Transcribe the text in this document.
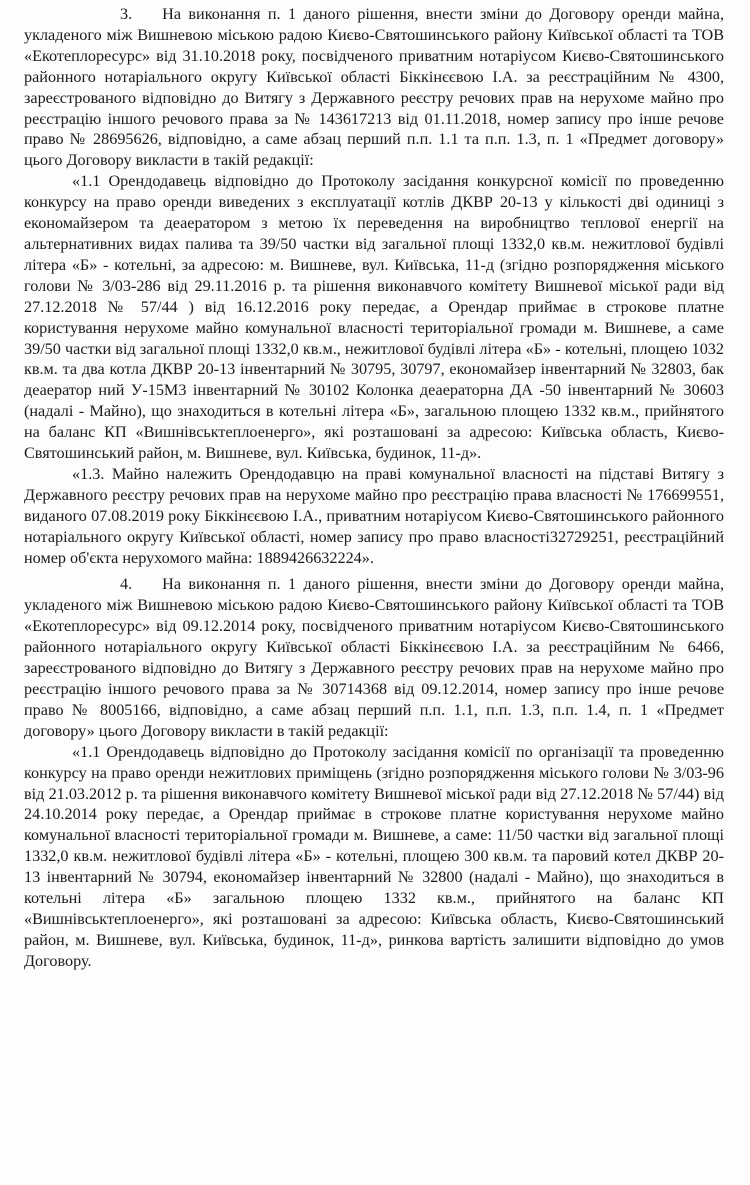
3. На виконання п. 1 даного рішення, внести зміни до Договору оренди майна, укладеного між Вишневою міською радою Києво-Святошинського району Київської області та ТОВ «Екотеплоресурс» від 31.10.2018 року, посвідченого приватним нотаріусом Києво-Святошинського районного нотаріального округу Київської області Біккінєєвою І.А. за реєстраційним № 4300, зареєстрованого відповідно до Витягу з Державного реєстру речових прав на нерухоме майно про реєстрацію іншого речового права за № 143617213 від 01.11.2018, номер запису про інше речове право № 28695626, відповідно, а саме абзац перший п.п. 1.1 та п.п. 1.3, п. 1 «Предмет договору» цього Договору викласти в такій редакції:

«1.1 Орендодавець відповідно до Протоколу засідання конкурсної комісії по проведенню конкурсу на право оренди виведених з експлуатації котлів ДКВР 20-13 у кількості дві одиниці з економайзером та деаератором з метою їх переведення на виробництво теплової енергії на альтернативних видах палива та 39/50 частки від загальної площі 1332,0 кв.м. нежитлової будівлі літера «Б» - котельні, за адресою: м. Вишневе, вул. Київська, 11-д (згідно розпорядження міського голови № 3/03-286 від 29.11.2016 р. та рішення виконавчого комітету Вишневої міської ради від 27.12.2018 № 57/44 ) від 16.12.2016 року передає, а Орендар приймає в строкове платне користування нерухоме майно комунальної власності територіальної громади м. Вишневе, а саме 39/50 частки від загальної площі 1332,0 кв.м., нежитлової будівлі літера «Б» - котельні, площею 1032 кв.м. та два котла ДКВР 20-13 інвентарний № 30795, 30797, економайзер інвентарний № 32803, бак деаератор ний У-15М3 інвентарний № 30102 Колонка деаераторна ДА -50 інвентарний № 30603 (надалі - Майно), що знаходиться в котельні літера «Б», загальною площею 1332 кв.м., прийнятого на баланс КП «Вишнівськтеплоенерго», які розташовані за адресою: Київська область, Києво-Святошинський район, м. Вишневе, вул. Київська, будинок, 11-д».

«1.3. Майно належить Орендодавцю на праві комунальної власності на підставі Витягу з Державного реєстру речових прав на нерухоме майно про реєстрацію права власності № 176699551, виданого 07.08.2019 року Біккінєєвою І.А., приватним нотаріусом Києво-Святошинського районного нотаріального округу Київської області, номер запису про право власності32729251, реєстраційний номер об'єкта нерухомого майна: 1889426632224».

4. На виконання п. 1 даного рішення, внести зміни до Договору оренди майна, укладеного між Вишневою міською радою Києво-Святошинського району Київської області та ТОВ «Екотеплоресурс» від 09.12.2014 року, посвідченого приватним нотаріусом Києво-Святошинського районного нотаріального округу Київської області Біккінєєвою І.А. за реєстраційним № 6466, зареєстрованого відповідно до Витягу з Державного реєстру речових прав на нерухоме майно про реєстрацію іншого речового права за № 30714368 від 09.12.2014, номер запису про інше речове право № 8005166, відповідно, а саме абзац перший п.п. 1.1, п.п. 1.3, п.п. 1.4, п. 1 «Предмет договору» цього Договору викласти в такій редакції:

«1.1 Орендодавець відповідно до Протоколу засідання комісії по організації та проведенню конкурсу на право оренди нежитлових приміщень (згідно розпорядження міського голови № 3/03-96 від 21.03.2012 р. та рішення виконавчого комітету Вишневої міської ради від 27.12.2018 № 57/44) від 24.10.2014 року передає, а Орендар приймає в строкове платне користування нерухоме майно комунальної власності територіальної громади м. Вишневе, а саме: 11/50 частки від загальної площі 1332,0 кв.м. нежитлової будівлі літера «Б» - котельні, площею 300 кв.м. та паровий котел ДКВР 20-13 інвентарний № 30794, економайзер інвентарний № 32800 (надалі - Майно), що знаходиться в котельні літера «Б» загальною площею 1332 кв.м., прийнятого на баланс КП «Вишнівськтеплоенерго», які розташовані за адресою: Київська область, Києво-Святошинський район, м. Вишневе, вул. Київська, будинок, 11-д», ринкова вартість залишити відповідно до умов Договору.
